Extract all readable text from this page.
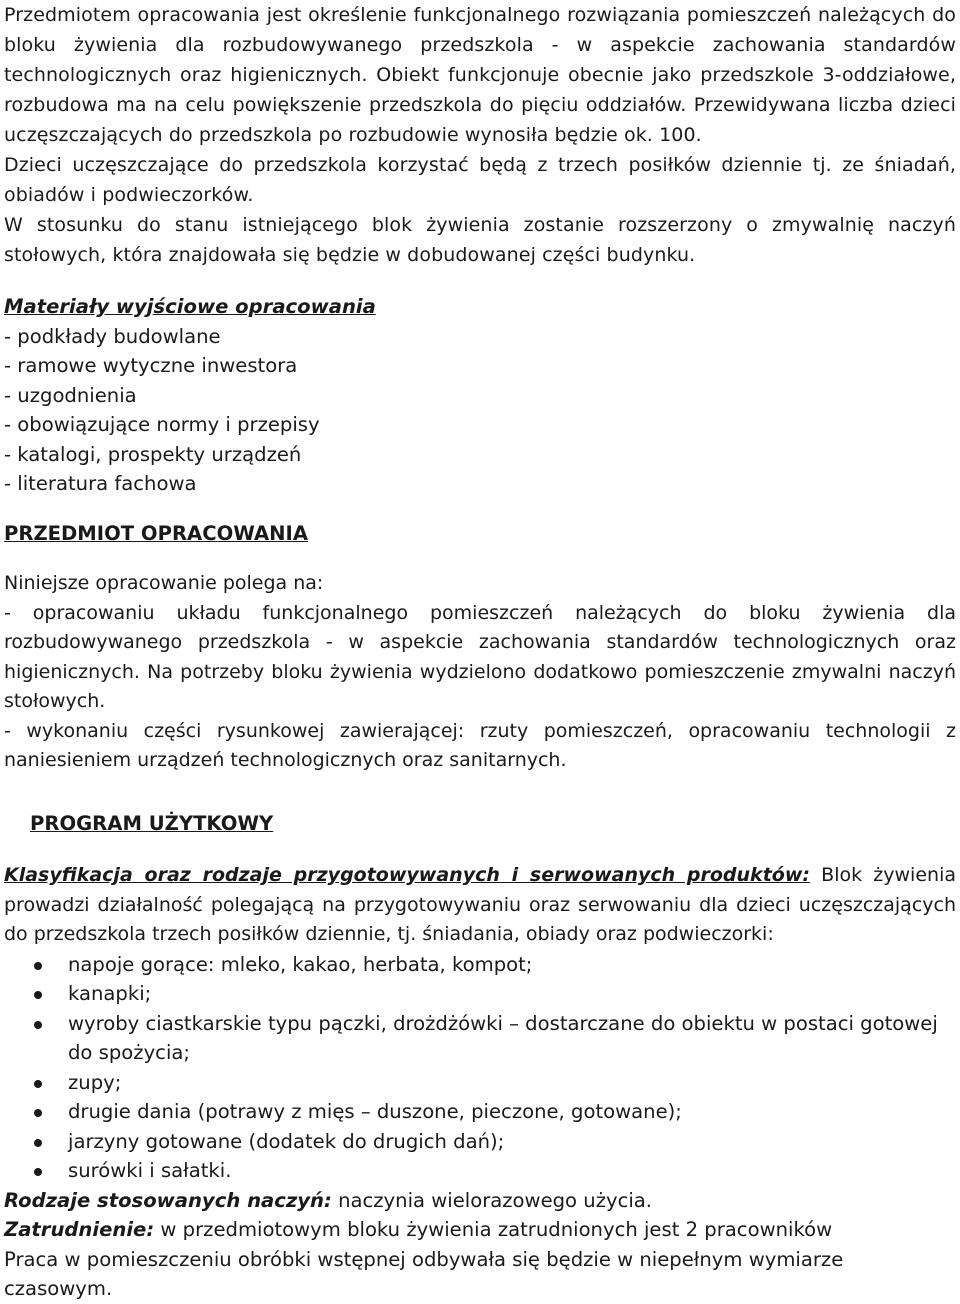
Przedmiotem opracowania jest określenie funkcjonalnego rozwiązania pomieszczeń należących do bloku żywienia dla rozbudowywanego przedszkola - w aspekcie zachowania standardów technologicznych oraz higienicznych. Obiekt funkcjonuje obecnie jako przedszkole 3-oddziałowe, rozbudowa ma na celu powiększenie przedszkola do pięciu oddziałów. Przewidywana liczba dzieci uczęszczających do przedszkola po rozbudowie wynosiła będzie ok. 100.

Dzieci uczęszczające do przedszkola korzystać będą z trzech posiłków dziennie tj. ze śniadań, obiadów i podwieczorków.

W stosunku do stanu istniejącego blok żywienia zostanie rozszerzony o zmywalnię naczyń stołowych, która znajdowała się będzie w dobudowanej części budynku.

Materiały wyjściowe opracowania

- podkłady budowlane
- ramowe wytyczne inwestora
- uzgodnienia
- obowiązujące normy i przepisy
- katalogi, prospekty urządzeń
- literatura fachowa

PRZEDMIOT OPRACOWANIA

Niniejsze opracowanie polega na:

- opracowaniu układu funkcjonalnego pomieszczeń należących do bloku żywienia dla rozbudowywanego przedszkola - w aspekcie zachowania standardów technologicznych oraz higienicznych. Na potrzeby bloku żywienia wydzielono dodatkowo pomieszczenie zmywalni naczyń stołowych.

- wykonaniu części rysunkowej zawierającej: rzuty pomieszczeń, opracowaniu technologii z naniesieniem urządzeń technologicznych oraz sanitarnych.

PROGRAM UŻYTKOWY

Klasyfikacja oraz rodzaje przygotowywanych i serwowanych produktów: Blok żywienia prowadzi działalność polegającą na przygotowywaniu oraz serwowaniu dla dzieci uczęszczających do przedszkola trzech posiłków dziennie, tj. śniadania, obiady oraz podwieczorki:

napoje gorące: mleko, kakao, herbata, kompot;
kanapki;
wyroby ciastkarskie typu pączki, drożdżówki – dostarczane do obiektu w postaci gotowej do spożycia;
zupy;
drugie dania (potrawy z mięs – duszone, pieczone, gotowane);
jarzyny gotowane (dodatek do drugich dań);
surówki i sałatki.

Rodzaje stosowanych naczyń: naczynia wielorazowego użycia.

Zatrudnienie: w przedmiotowym bloku żywienia zatrudnionych jest 2 pracowników

Praca w pomieszczeniu obróbki wstępnej odbywała się będzie w niepełnym wymiarze czasowym.
